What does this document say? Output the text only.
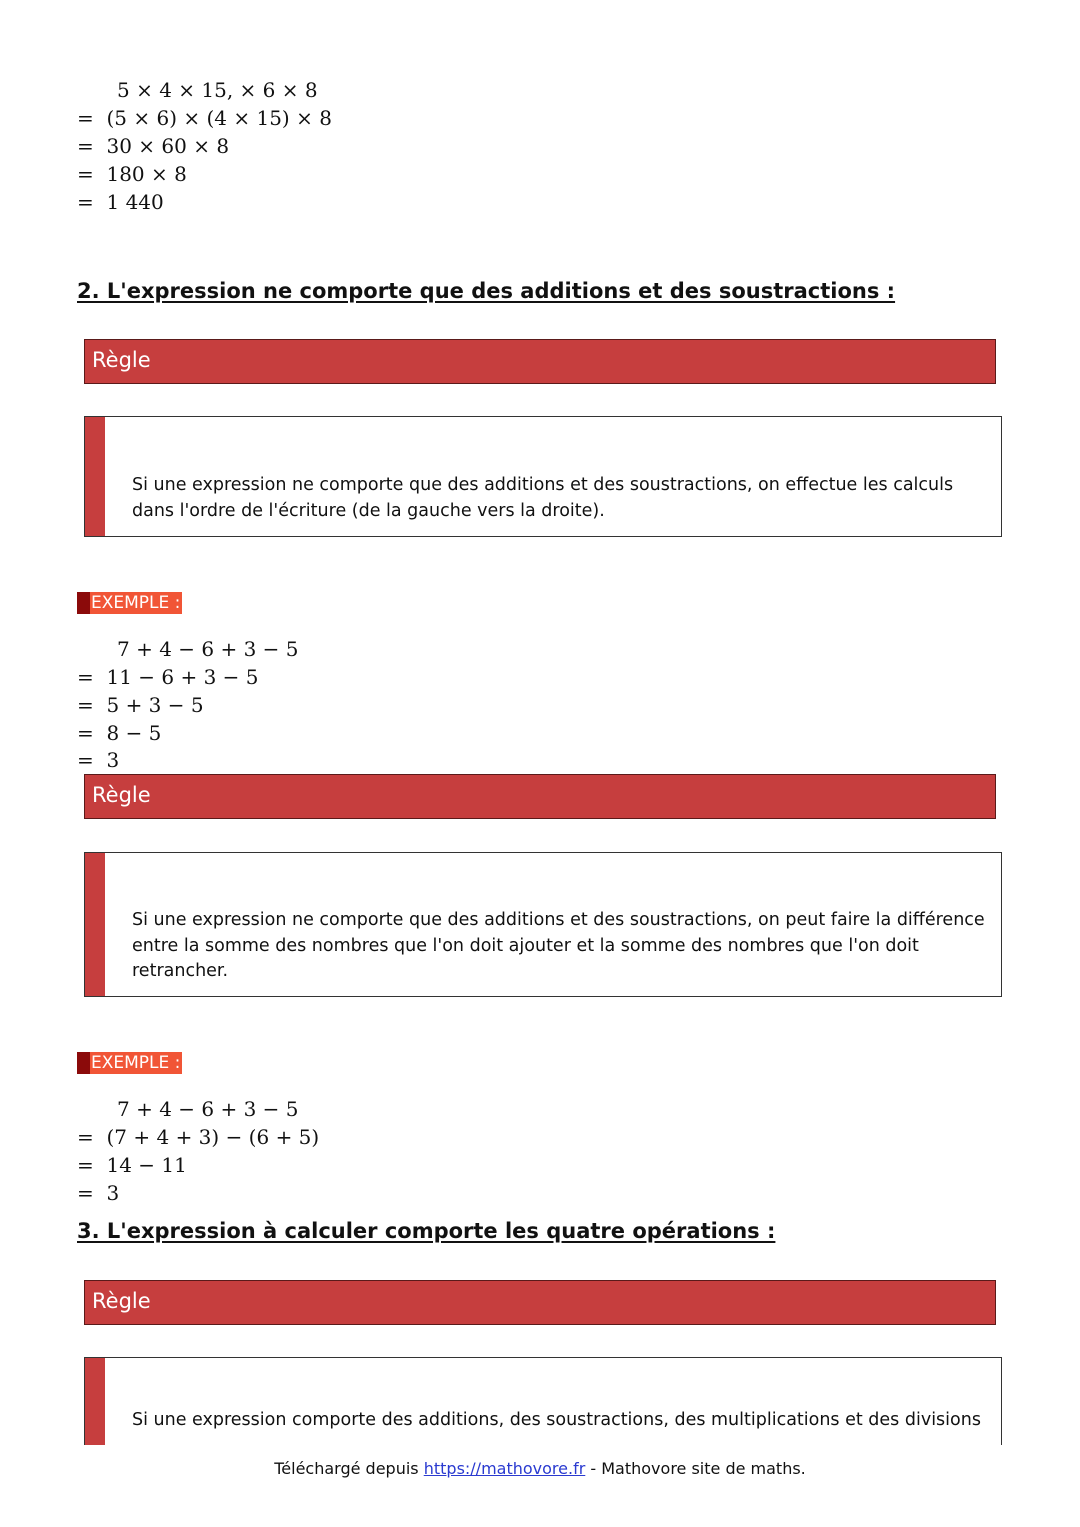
5 × 4 × 15, × 6 × 8
= (5 × 6) × (4 × 15) × 8
= 30 × 60 × 8
= 180 × 8
= 1 440
2. L'expression ne comporte que des additions et des soustractions :
Règle
Si une expression ne comporte que des additions et des soustractions, on effectue les calculs dans l'ordre de l'écriture (de la gauche vers la droite).
EXEMPLE :
7 + 4 − 6 + 3 − 5
= 11 − 6 + 3 − 5
= 5 + 3 − 5
= 8 − 5
= 3
Règle
Si une expression ne comporte que des additions et des soustractions, on peut faire la différence entre la somme des nombres que l'on doit ajouter et la somme des nombres que l'on doit retrancher.
EXEMPLE :
7 + 4 − 6 + 3 − 5
= (7 + 4 + 3) − (6 + 5)
= 14 − 11
= 3
3. L'expression à calculer comporte les quatre opérations :
Règle
Si une expression comporte des additions, des soustractions, des multiplications et des divisions
Téléchargé depuis https://mathovore.fr - Mathovore site de maths.
